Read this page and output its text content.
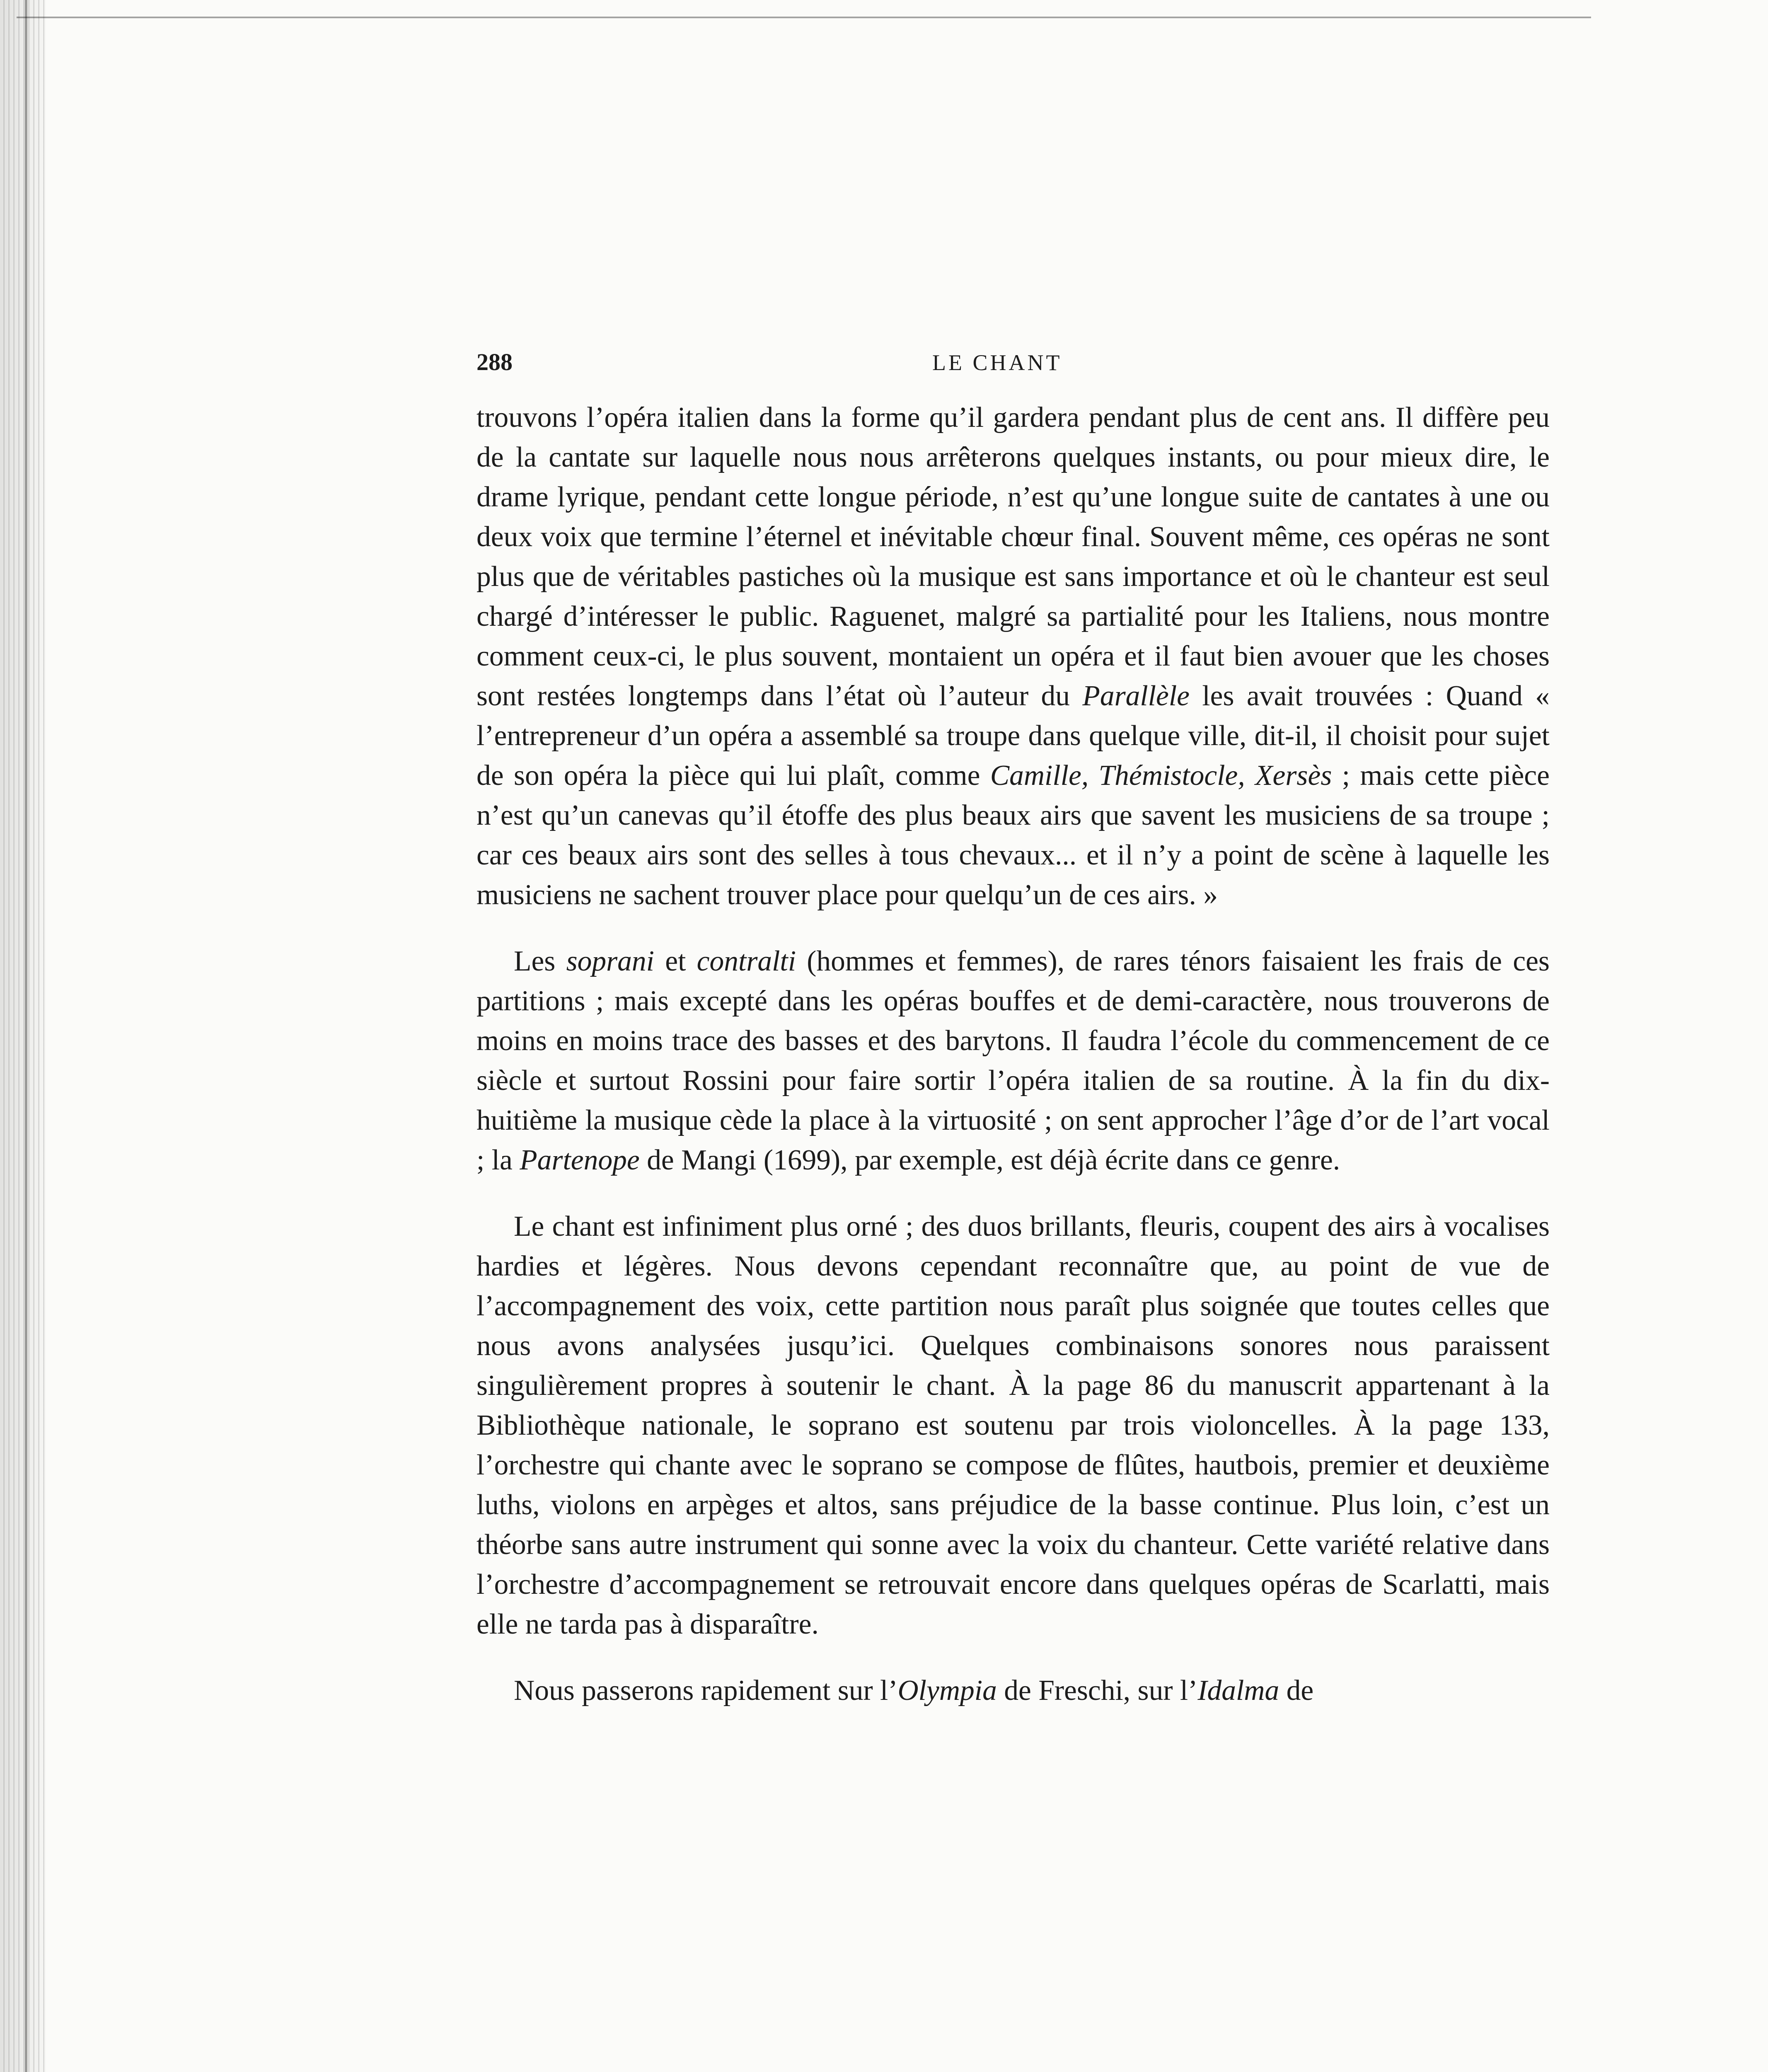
288	LE CHANT

trouvons l’opéra italien dans la forme qu’il gardera pendant plus de cent ans. Il diffère peu de la cantate sur laquelle nous nous arrêterons quelques instants, ou pour mieux dire, le drame lyrique, pendant cette longue période, n’est qu’une longue suite de cantates à une ou deux voix que termine l’éternel et inévitable chœur final. Souvent même, ces opéras ne sont plus que de véritables pastiches où la musique est sans importance et où le chanteur est seul chargé d’intéresser le public. Raguenet, malgré sa partialité pour les Italiens, nous montre comment ceux-ci, le plus souvent, montaient un opéra et il faut bien avouer que les choses sont restées longtemps dans l’état où l’auteur du Parallèle les avait trouvées : Quand « l’entrepreneur d’un opéra a assemblé sa troupe dans quelque ville, dit-il, il choisit pour sujet de son opéra la pièce qui lui plaît, comme Camille, Thémistocle, Xersès ; mais cette pièce n’est qu’un canevas qu’il étoffe des plus beaux airs que savent les musiciens de sa troupe ; car ces beaux airs sont des selles à tous chevaux... et il n’y a point de scène à laquelle les musiciens ne sachent trouver place pour quelqu’un de ces airs. »

Les soprani et contralti (hommes et femmes), de rares ténors faisaient les frais de ces partitions ; mais excepté dans les opéras bouffes et de demi-caractère, nous trouverons de moins en moins trace des basses et des barytons. Il faudra l’école du commencement de ce siècle et surtout Rossini pour faire sortir l’opéra italien de sa routine. À la fin du dix-huitième la musique cède la place à la virtuosité ; on sent approcher l’âge d’or de l’art vocal ; la Partenope de Mangi (1699), par exemple, est déjà écrite dans ce genre.

Le chant est infiniment plus orné ; des duos brillants, fleuris, coupent des airs à vocalises hardies et légères. Nous devons cependant reconnaître que, au point de vue de l’accompagnement des voix, cette partition nous paraît plus soignée que toutes celles que nous avons analysées jusqu’ici. Quelques combinaisons sonores nous paraissent singulièrement propres à soutenir le chant. À la page 86 du manuscrit appartenant à la Bibliothèque nationale, le soprano est soutenu par trois violoncelles. À la page 133, l’orchestre qui chante avec le soprano se compose de flûtes, hautbois, premier et deuxième luths, violons en arpèges et altos, sans préjudice de la basse continue. Plus loin, c’est un théorbe sans autre instrument qui sonne avec la voix du chanteur. Cette variété relative dans l’orchestre d’accompagnement se retrouvait encore dans quelques opéras de Scarlatti, mais elle ne tarda pas à disparaître.

Nous passerons rapidement sur l’Olympia de Freschi, sur l’Idalma de
